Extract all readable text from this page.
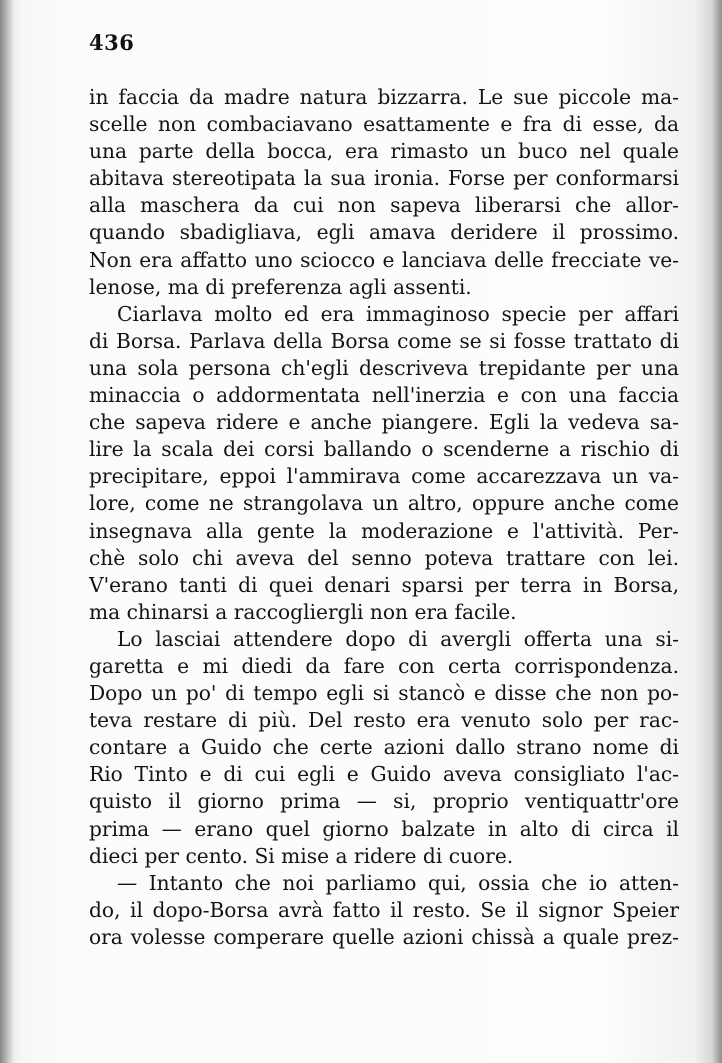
436
in faccia da madre natura bizzarra. Le sue piccole ma-
scelle non combaciavano esattamente e fra di esse, da
una parte della bocca, era rimasto un buco nel quale
abitava stereotipata la sua ironia. Forse per conformarsi
alla maschera da cui non sapeva liberarsi che allor-
quando sbadigliava, egli amava deridere il prossimo.
Non era affatto uno sciocco e lanciava delle frecciate ve-
lenose, ma di preferenza agli assenti.
Ciarlava molto ed era immaginoso specie per affari
di Borsa. Parlava della Borsa come se si fosse trattato di
una sola persona ch'egli descriveva trepidante per una
minaccia o addormentata nell'inerzia e con una faccia
che sapeva ridere e anche piangere. Egli la vedeva sa-
lire la scala dei corsi ballando o scenderne a rischio di
precipitare, eppoi l'ammirava come accarezzava un va-
lore, come ne strangolava un altro, oppure anche come
insegnava alla gente la moderazione e l'attività. Per-
chè solo chi aveva del senno poteva trattare con lei.
V'erano tanti di quei denari sparsi per terra in Borsa,
ma chinarsi a raccogliergli non era facile.
Lo lasciai attendere dopo di avergli offerta una si-
garetta e mi diedi da fare con certa corrispondenza.
Dopo un po' di tempo egli si stancò e disse che non po-
teva restare di più. Del resto era venuto solo per rac-
contare a Guido che certe azioni dallo strano nome di
Rio Tinto e di cui egli e Guido aveva consigliato l'ac-
quisto il giorno prima — si, proprio ventiquattr'ore
prima — erano quel giorno balzate in alto di circa il
dieci per cento. Si mise a ridere di cuore.
— Intanto che noi parliamo qui, ossia che io atten-
do, il dopo-Borsa avrà fatto il resto. Se il signor Speier
ora volesse comperare quelle azioni chissà a quale prez-
